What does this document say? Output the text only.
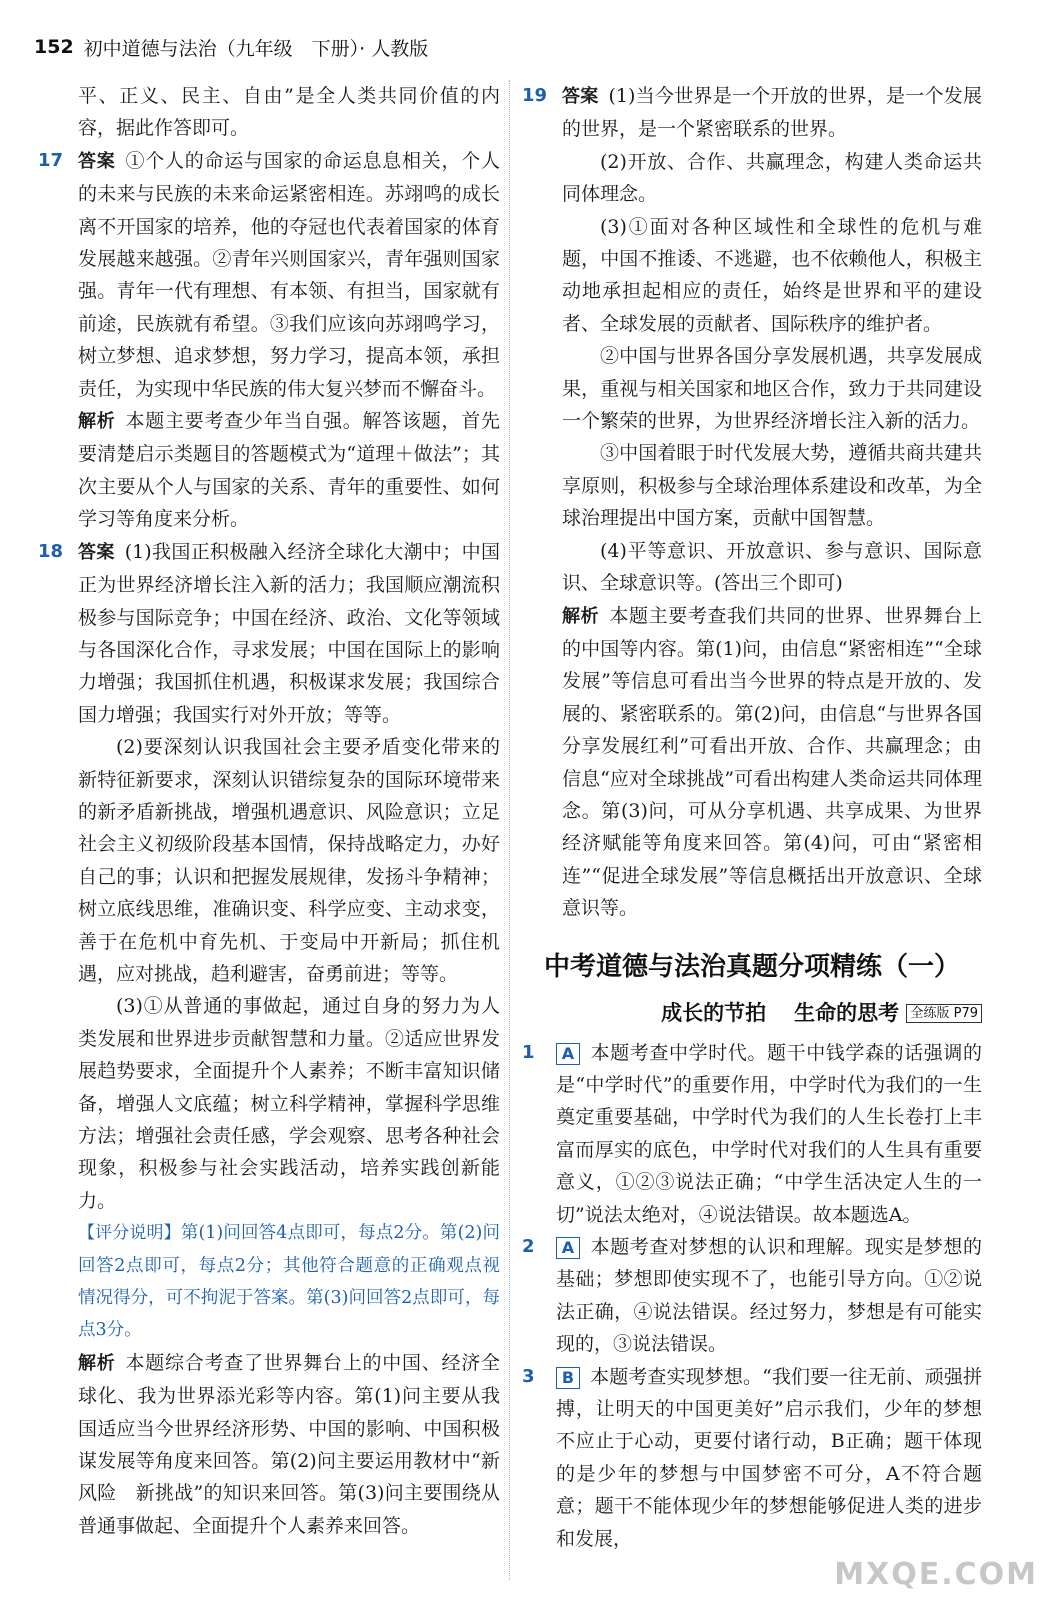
152 初中道德与法治（九年级　下册）· 人教版

平、正义、民主、自由”是全人类共同价值的内容，据此作答即可。

17 答案 ①个人的命运与国家的命运息息相关，个人的未来与民族的未来命运紧密相连。苏翊鸣的成长离不开国家的培养，他的夺冠也代表着国家的体育发展越来越强。②青年兴则国家兴，青年强则国家强。青年一代有理想、有本领、有担当，国家就有前途，民族就有希望。③我们应该向苏翊鸣学习，树立梦想、追求梦想，努力学习，提高本领，承担责任，为实现中华民族的伟大复兴梦而不懈奋斗。

解析 本题主要考查少年当自强。解答该题，首先要清楚启示类题目的答题模式为“道理＋做法”；其次主要从个人与国家的关系、青年的重要性、如何学习等角度来分析。

18 答案 (1)我国正积极融入经济全球化大潮中；中国正为世界经济增长注入新的活力；我国顺应潮流积极参与国际竞争；中国在经济、政治、文化等领域与各国深化合作，寻求发展；中国在国际上的影响力增强；我国抓住机遇，积极谋求发展；我国综合国力增强；我国实行对外开放；等等。

(2)要深刻认识我国社会主要矛盾变化带来的新特征新要求，深刻认识错综复杂的国际环境带来的新矛盾新挑战，增强机遇意识、风险意识；立足社会主义初级阶段基本国情，保持战略定力，办好自己的事；认识和把握发展规律，发扬斗争精神；树立底线思维，准确识变、科学应变、主动求变，善于在危机中育先机、于变局中开新局；抓住机遇，应对挑战，趋利避害，奋勇前进；等等。

(3)①从普通的事做起，通过自身的努力为人类发展和世界进步贡献智慧和力量。②适应世界发展趋势要求，全面提升个人素养；不断丰富知识储备，增强人文底蕴；树立科学精神，掌握科学思维方法；增强社会责任感，学会观察、思考各种社会现象，积极参与社会实践活动，培养实践创新能力。

【评分说明】第(1)问回答4点即可，每点2分。第(2)问回答2点即可，每点2分；其他符合题意的正确观点视情况得分，可不拘泥于答案。第(3)问回答2点即可，每点3分。

解析 本题综合考查了世界舞台上的中国、经济全球化、我为世界添光彩等内容。第(1)问主要从我国适应当今世界经济形势、中国的影响、中国积极谋发展等角度来回答。第(2)问主要运用教材中“新风险　新挑战”的知识来回答。第(3)问主要围绕从普通事做起、全面提升个人素养来回答。

19 答案 (1)当今世界是一个开放的世界，是一个发展的世界，是一个紧密联系的世界。

(2)开放、合作、共赢理念，构建人类命运共同体理念。

(3)①面对各种区域性和全球性的危机与难题，中国不推诿、不逃避，也不依赖他人，积极主动地承担起相应的责任，始终是世界和平的建设者、全球发展的贡献者、国际秩序的维护者。

②中国与世界各国分享发展机遇，共享发展成果，重视与相关国家和地区合作，致力于共同建设一个繁荣的世界，为世界经济增长注入新的活力。

③中国着眼于时代发展大势，遵循共商共建共享原则，积极参与全球治理体系建设和改革，为全球治理提出中国方案，贡献中国智慧。

(4)平等意识、开放意识、参与意识、国际意识、全球意识等。(答出三个即可)

解析 本题主要考查我们共同的世界、世界舞台上的中国等内容。第(1)问，由信息“紧密相连”“全球发展”等信息可看出当今世界的特点是开放的、发展的、紧密联系的。第(2)问，由信息“与世界各国分享发展红利”可看出开放、合作、共赢理念；由信息“应对全球挑战”可看出构建人类命运共同体理念。第(3)问，可从分享机遇、共享成果、为世界经济赋能等角度来回答。第(4)问，可由“紧密相连”“促进全球发展”等信息概括出开放意识、全球意识等。

中考道德与法治真题分项精练（一）
成长的节拍 生命的思考 全练版 P79

1 A 本题考查中学时代。题干中钱学森的话强调的是“中学时代”的重要作用，中学时代为我们的一生奠定重要基础，中学时代为我们的人生长卷打上丰富而厚实的底色，中学时代对我们的人生具有重要意义，①②③说法正确；“中学生活决定人生的一切”说法太绝对，④说法错误。故本题选A。

2 A 本题考查对梦想的认识和理解。现实是梦想的基础；梦想即使实现不了，也能引导方向。①②说法正确，④说法错误。经过努力，梦想是有可能实现的，③说法错误。

3 B 本题考查实现梦想。“我们要一往无前、顽强拼搏，让明天的中国更美好”启示我们，少年的梦想不应止于心动，更要付诸行动，B正确；题干体现的是少年的梦想与中国梦密不可分，A不符合题意；题干不能体现少年的梦想能够促进人类的进步和发展，

MXQE.COM
